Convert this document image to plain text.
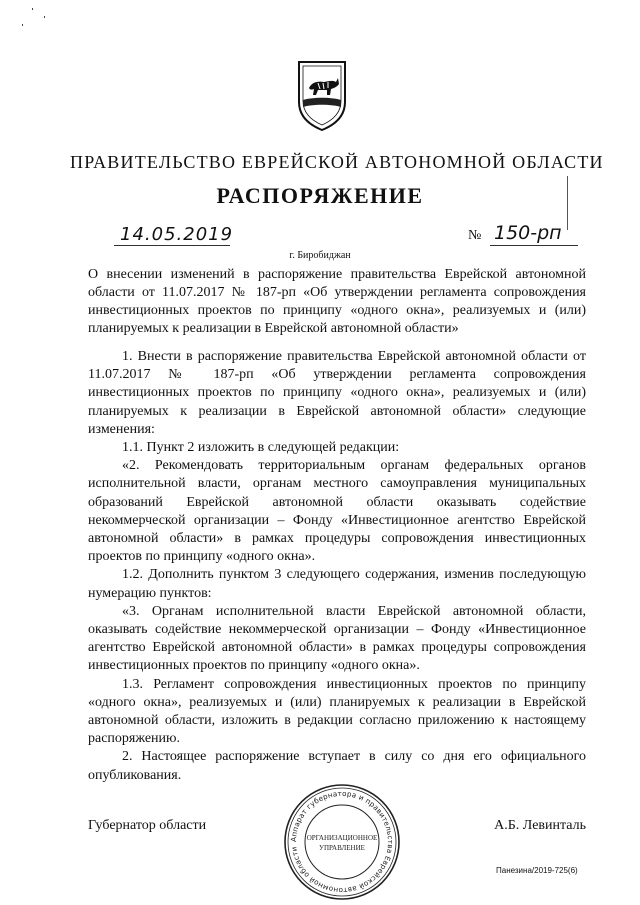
ПРАВИТЕЛЬСТВО ЕВРЕЙСКОЙ АВТОНОМНОЙ ОБЛАСТИ
РАСПОРЯЖЕНИЕ
14.05.2019	№ 150-рп
г. Биробиджан
О внесении изменений в распоряжение правительства Еврейской автономной области от 11.07.2017 № 187-рп «Об утверждении регламента сопровождения инвестиционных проектов по принципу «одного окна», реализуемых и (или) планируемых к реализации в Еврейской автономной области»

1. Внести в распоряжение правительства Еврейской автономной области от 11.07.2017 № 187-рп «Об утверждении регламента сопровождения инвестиционных проектов по принципу «одного окна», реализуемых и (или) планируемых к реализации в Еврейской автономной области» следующие изменения:

1.1. Пункт 2 изложить в следующей редакции:

«2. Рекомендовать территориальным органам федеральных органов исполнительной власти, органам местного самоуправления муниципальных образований Еврейской автономной области оказывать содействие некоммерческой организации – Фонду «Инвестиционное агентство Еврейской автономной области» в рамках процедуры сопровождения инвестиционных проектов по принципу «одного окна».

1.2. Дополнить пунктом 3 следующего содержания, изменив последующую нумерацию пунктов:

«3. Органам исполнительной власти Еврейской автономной области, оказывать содействие некоммерческой организации – Фонду «Инвестиционное агентство Еврейской автономной области» в рамках процедуры сопровождения инвестиционных проектов по принципу «одного окна».

1.3. Регламент сопровождения инвестиционных проектов по принципу «одного окна», реализуемых и (или) планируемых к реализации в Еврейской автономной области, изложить в редакции согласно приложению к настоящему распоряжению.

2. Настоящее распоряжение вступает в силу со дня его официального опубликования.

Губернатор области	А.Б. Левинталь
Аппарат губернатора и правительства Еврейской автономной области
ОРГАНИЗАЦИОННОЕ
УПРАВЛЕНИЕ
Панезина/2019-725(6)
